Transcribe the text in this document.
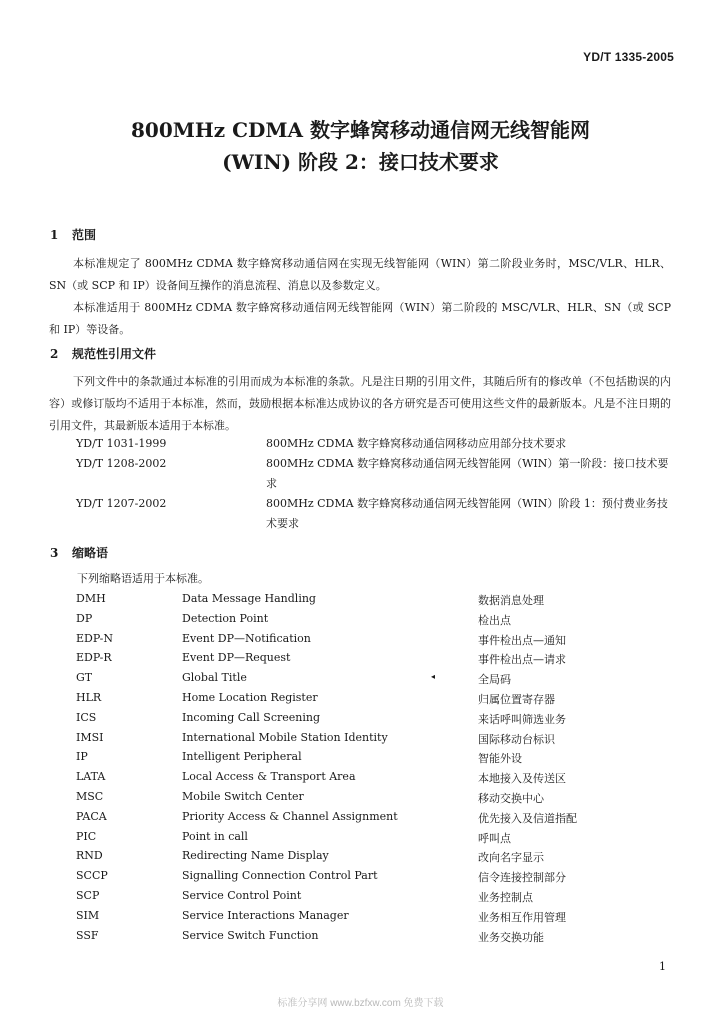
YD/T 1335-2005
800MHz CDMA 数字蜂窝移动通信网无线智能网
(WIN) 阶段 2：接口技术要求
1 范围
本标准规定了 800MHz CDMA 数字蜂窝移动通信网在实现无线智能网（WIN）第二阶段业务时，MSC/VLR、HLR、SN（或 SCP 和 IP）设备间互操作的消息流程、消息以及参数定义。
本标准适用于 800MHz CDMA 数字蜂窝移动通信网无线智能网（WIN）第二阶段的 MSC/VLR、HLR、SN（或 SCP 和 IP）等设备。
2 规范性引用文件
下列文件中的条款通过本标准的引用而成为本标准的条款。凡是注日期的引用文件，其随后所有的修改单（不包括勘误的内容）或修订版均不适用于本标准，然而，鼓励根据本标准达成协议的各方研究是否可使用这些文件的最新版本。凡是不注日期的引用文件，其最新版本适用于本标准。
YD/T 1031-1999	800MHz CDMA 数字蜂窝移动通信网移动应用部分技术要求
YD/T 1208-2002	800MHz CDMA 数字蜂窝移动通信网无线智能网（WIN）第一阶段：接口技术要求
YD/T 1207-2002	800MHz CDMA 数字蜂窝移动通信网无线智能网（WIN）阶段 1：预付费业务技术要求
3 缩略语
下列缩略语适用于本标准。
DMH	Data Message Handling	数据消息处理
DP	Detection Point	检出点
EDP-N	Event DP—Notification	事件检出点—通知
EDP-R	Event DP—Request	事件检出点—请求
GT	Global Title	全局码
HLR	Home Location Register	归属位置寄存器
ICS	Incoming Call Screening	来话呼叫筛选业务
IMSI	International Mobile Station Identity	国际移动台标识
IP	Intelligent Peripheral	智能外设
LATA	Local Access & Transport Area	本地接入及传送区
MSC	Mobile Switch Center	移动交换中心
PACA	Priority Access & Channel Assignment	优先接入及信道指配
PIC	Point in call	呼叫点
RND	Redirecting Name Display	改向名字显示
SCCP	Signalling Connection Control Part	信令连接控制部分
SCP	Service Control Point	业务控制点
SIM	Service Interactions Manager	业务相互作用管理
SSF	Service Switch Function	业务交换功能
◂
1
标准分享网 www.bzfxw.com 免费下载
